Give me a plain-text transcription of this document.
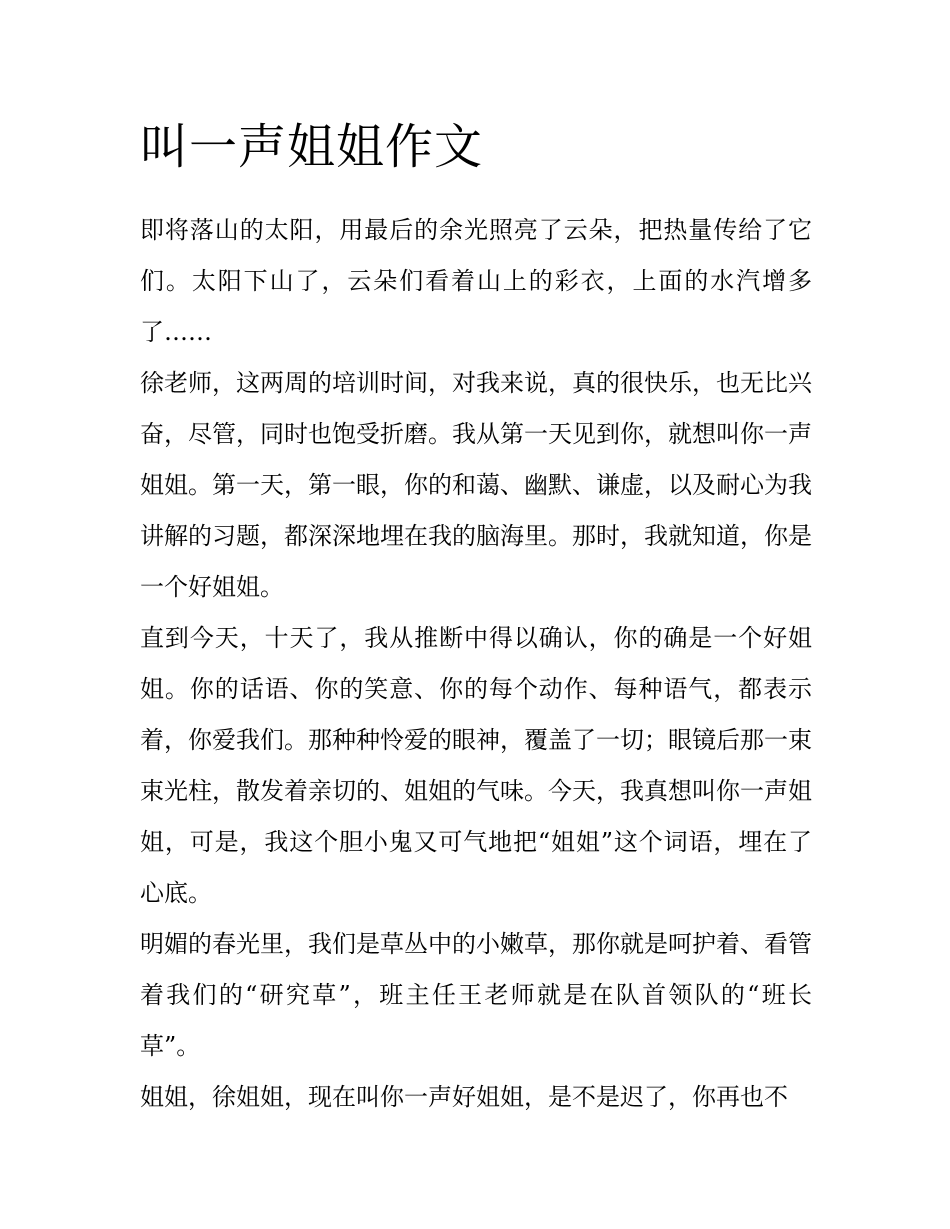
叫一声姐姐作文

即将落山的太阳，用最后的余光照亮了云朵，把热量传给了它们。太阳下山了，云朵们看着山上的彩衣，上面的水汽增多了……

徐老师，这两周的培训时间，对我来说，真的很快乐，也无比兴奋，尽管，同时也饱受折磨。我从第一天见到你，就想叫你一声姐姐。第一天，第一眼，你的和蔼、幽默、谦虚，以及耐心为我讲解的习题，都深深地埋在我的脑海里。那时，我就知道，你是一个好姐姐。

直到今天，十天了，我从推断中得以确认，你的确是一个好姐姐。你的话语、你的笑意、你的每个动作、每种语气，都表示着，你爱我们。那种种怜爱的眼神，覆盖了一切；眼镜后那一束束光柱，散发着亲切的、姐姐的气味。今天，我真想叫你一声姐姐，可是，我这个胆小鬼又可气地把“姐姐”这个词语，埋在了心底。

明媚的春光里，我们是草丛中的小嫩草，那你就是呵护着、看管着我们的“研究草”，班主任王老师就是在队首领队的“班长草”。

姐姐，徐姐姐，现在叫你一声好姐姐，是不是迟了，你再也不
